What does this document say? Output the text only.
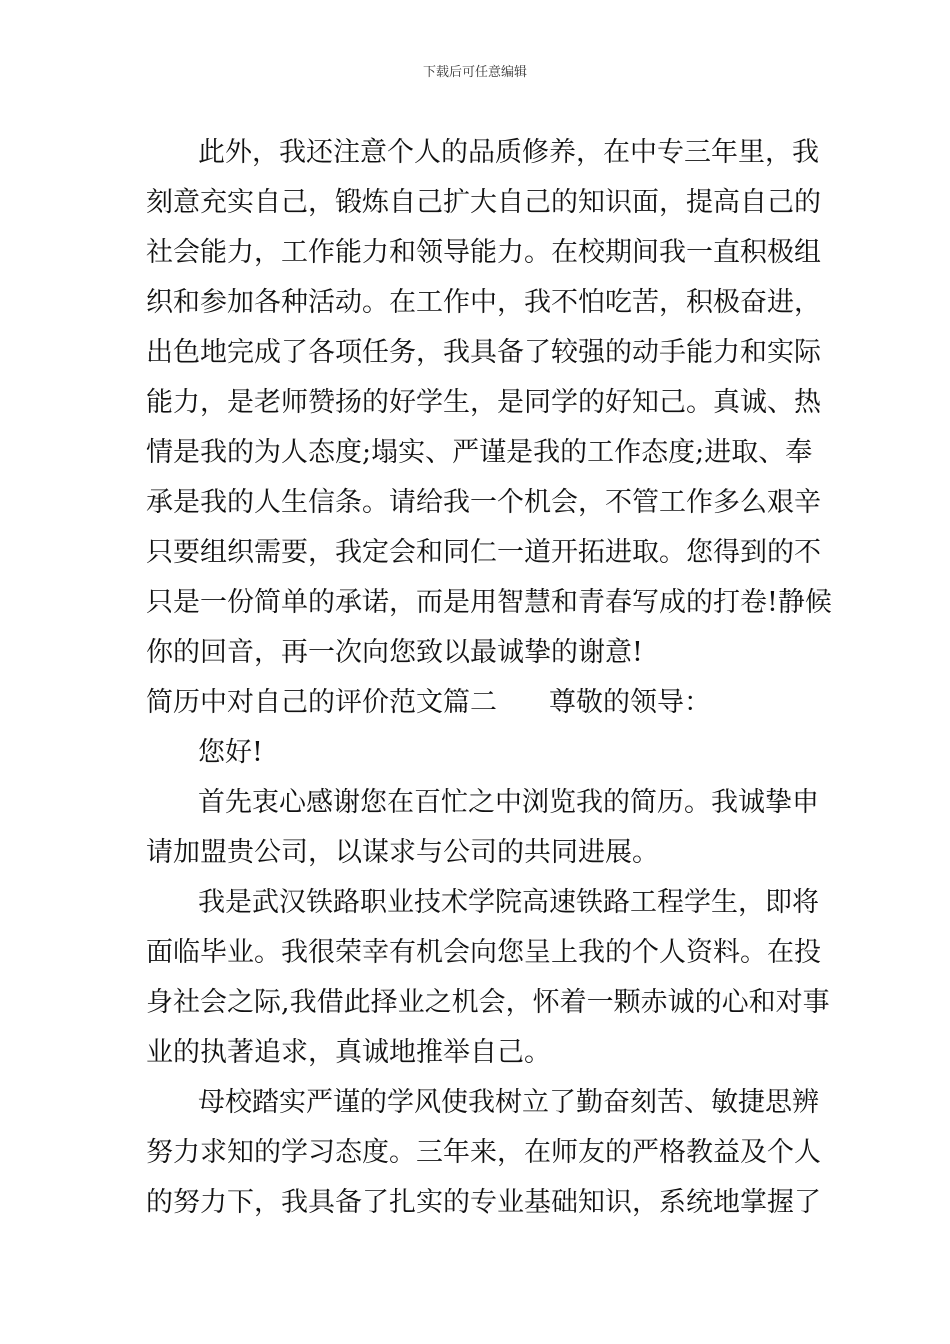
下载后可任意编辑
此外，我还注意个人的品质修养，在中专三年里，我
刻意充实自己，锻炼自己扩大自己的知识面，提高自己的
社会能力，工作能力和领导能力。在校期间我一直积极组
织和参加各种活动。在工作中，我不怕吃苦，积极奋进，
出色地完成了各项任务，我具备了较强的动手能力和实际
能力，是老师赞扬的好学生，是同学的好知己。真诚、热
情是我的为人态度;塌实、严谨是我的工作态度;进取、奉
承是我的人生信条。请给我一个机会，不管工作多么艰辛
只要组织需要，我定会和同仁一道开拓进取。您得到的不
只是一份简单的承诺，而是用智慧和青春写成的打卷!静候
你的回音，再一次向您致以最诚挚的谢意!
简历中对自己的评价范文篇二 尊敬的领导：
您好!
首先衷心感谢您在百忙之中浏览我的简历。我诚挚申
请加盟贵公司，以谋求与公司的共同进展。
我是武汉铁路职业技术学院高速铁路工程学生，即将
面临毕业。我很荣幸有机会向您呈上我的个人资料。在投
身社会之际,我借此择业之机会，怀着一颗赤诚的心和对事
业的执著追求，真诚地推举自己。
母校踏实严谨的学风使我树立了勤奋刻苦、敏捷思辨
努力求知的学习态度。三年来，在师友的严格教益及个人
的努力下，我具备了扎实的专业基础知识，系统地掌握了
